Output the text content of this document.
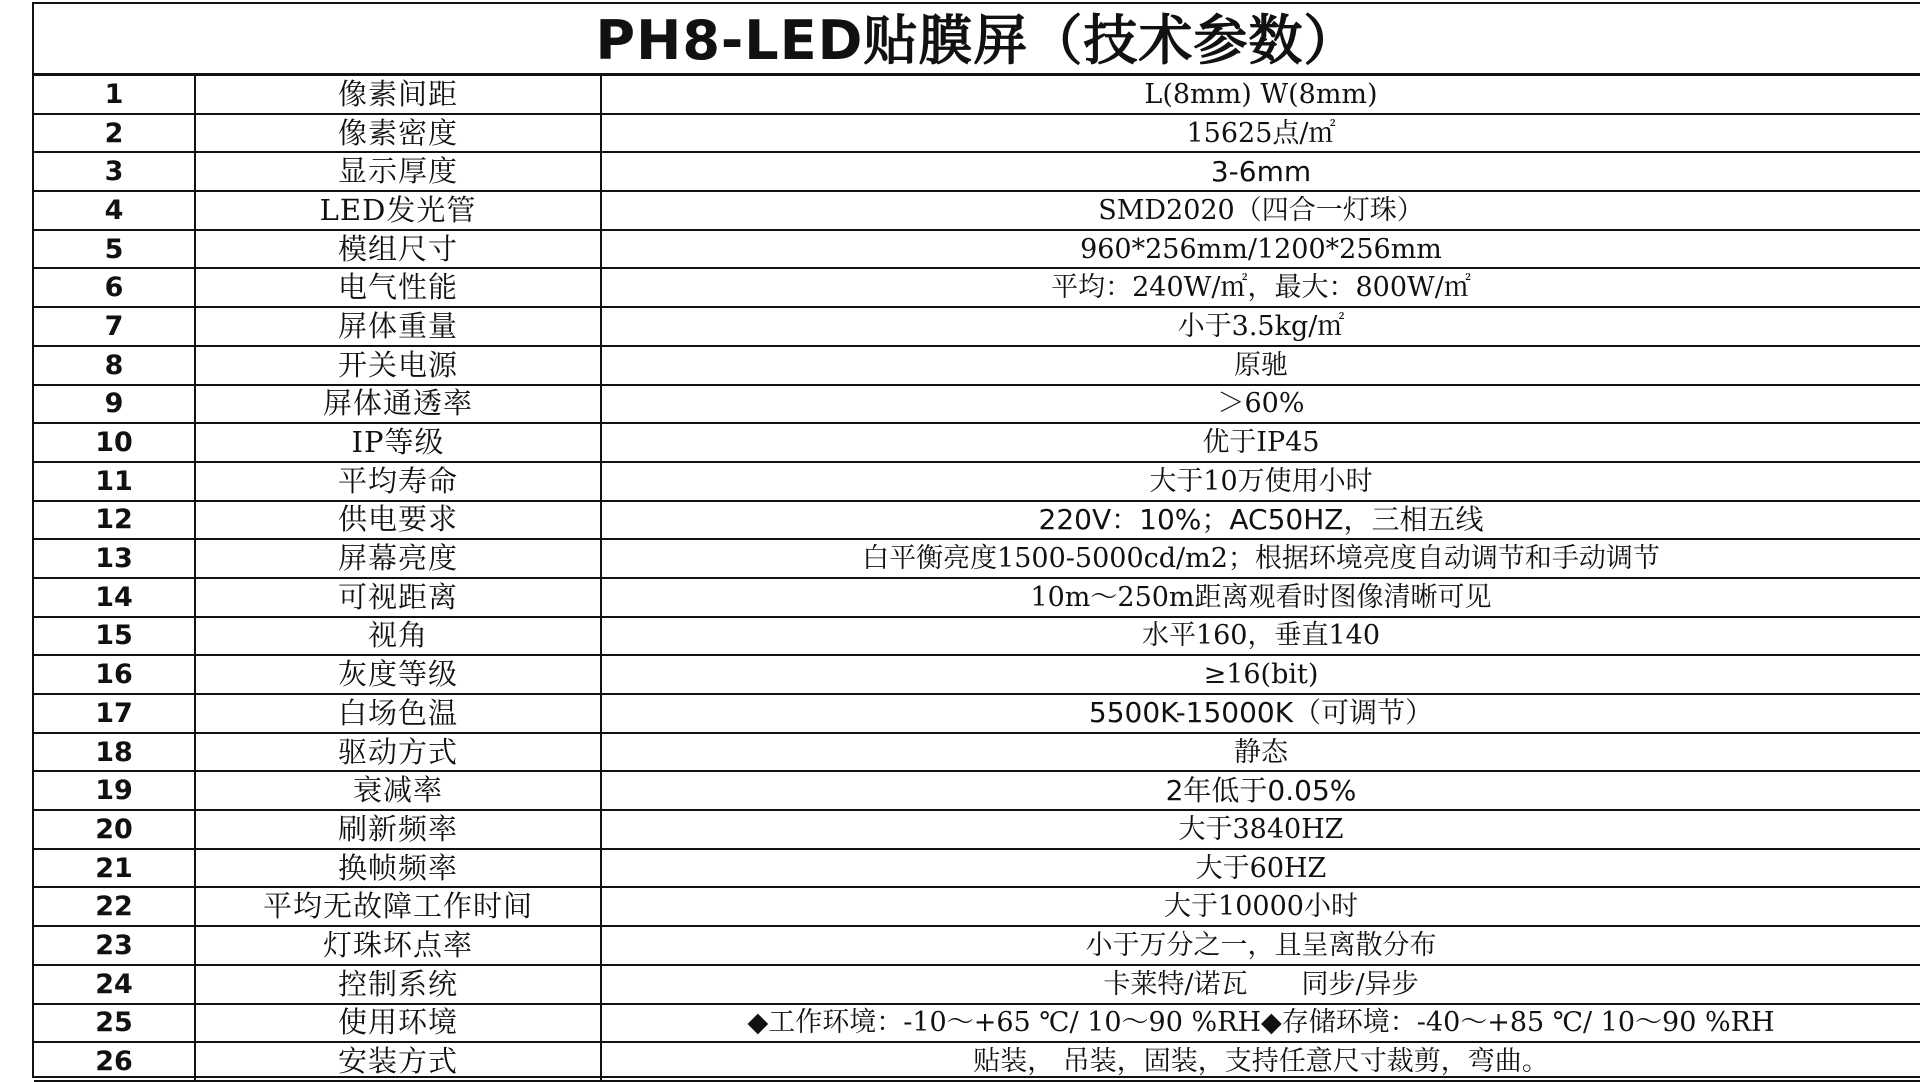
PH8-LED贴膜屏（技术参数）
1	像素间距	L(8mm) W(8mm)
2	像素密度	15625点/㎡
3	显示厚度	3-6mm
4	LED发光管	SMD2020（四合一灯珠）
5	模组尺寸	960*256mm/1200*256mm
6	电气性能	平均：240W/㎡，最大：800W/㎡
7	屏体重量	小于3.5kg/㎡
8	开关电源	原驰
9	屏体通透率	＞60%
10	IP等级	优于IP45
11	平均寿命	大于10万使用小时
12	供电要求	220V：10%；AC50HZ，三相五线
13	屏幕亮度	白平衡亮度1500-5000cd/m2；根据环境亮度自动调节和手动调节
14	可视距离	10m～250m距离观看时图像清晰可见
15	视角	水平160，垂直140
16	灰度等级	≥16(bit)
17	白场色温	5500K-15000K（可调节）
18	驱动方式	静态
19	衰减率	2年低于0.05%
20	刷新频率	大于3840HZ
21	换帧频率	大于60HZ
22	平均无故障工作时间	大于10000小时
23	灯珠坏点率	小于万分之一，且呈离散分布
24	控制系统	卡莱特/诺瓦　　同步/异步
25	使用环境	◆工作环境：-10～+65 ℃/ 10～90 %RH◆存储环境：-40～+85 ℃/ 10～90 %RH
26	安装方式	贴装， 吊装，固装，支持任意尺寸裁剪，弯曲。
